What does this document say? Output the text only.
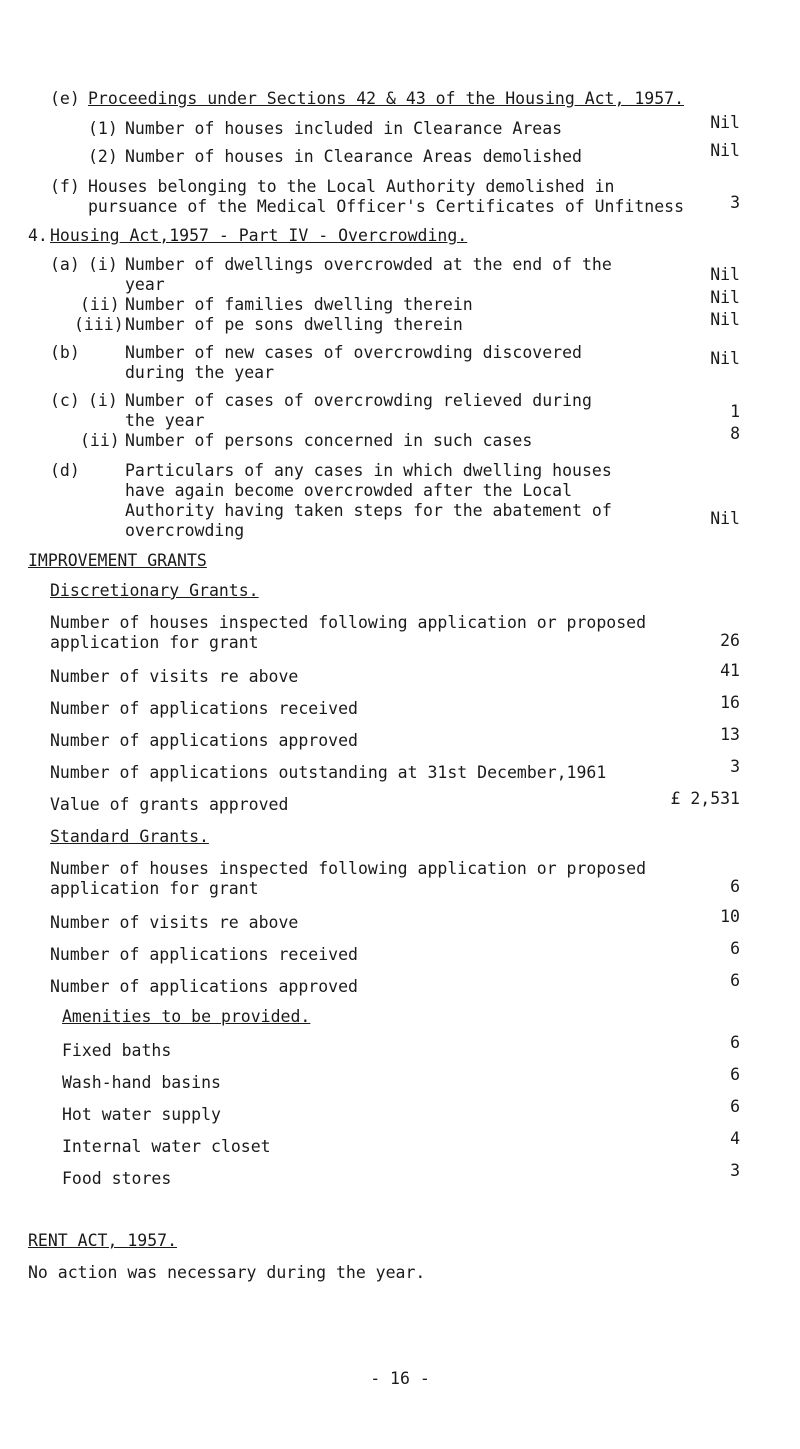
(e) Proceedings under Sections 42 & 43 of the Housing Act, 1957.
(1) Number of houses included in Clearance Areas	Nil
(2) Number of houses in Clearance Areas demolished	Nil
(f) Houses belonging to the Local Authority demolished in
pursuance of the Medical Officer's Certificates of Unfitness	3
4. Housing Act,1957 - Part IV - Overcrowding.
(a) (i) Number of dwellings overcrowded at the end of the
year
Nil
(ii) Number of families dwelling therein	Nil
(iii) Number of pe sons dwelling therein	Nil
(b)	Number of new cases of overcrowding discovered
during the year
Nil
(c) (i) Number of cases of overcrowding relieved during
the year	1
(ii) Number of persons concerned in such cases	8
(d)	Particulars of any cases in which dwelling houses
have again become overcrowded after the Local
Authority having taken steps for the abatement of
overcrowding
Nil
IMPROVEMENT GRANTS
Discretionary Grants.
Number of houses inspected following application or proposed
application for grant	26
Number of visits re above	41
Number of applications received	16
Number of applications approved	13
Number of applications outstanding at 31st December,1961	3
Value of grants approved	£ 2,531
Standard Grants.
Number of houses inspected following application or proposed
application for grant	6
Number of visits re above	10
Number of applications received	6
Number of applications approved	6
Amenities to be provided.
Fixed baths	6
Wash-hand basins	6
Hot water supply	6
Internal water closet	4
Food stores	3
RENT ACT, 1957.
No action was necessary during the year.
- 16 -
